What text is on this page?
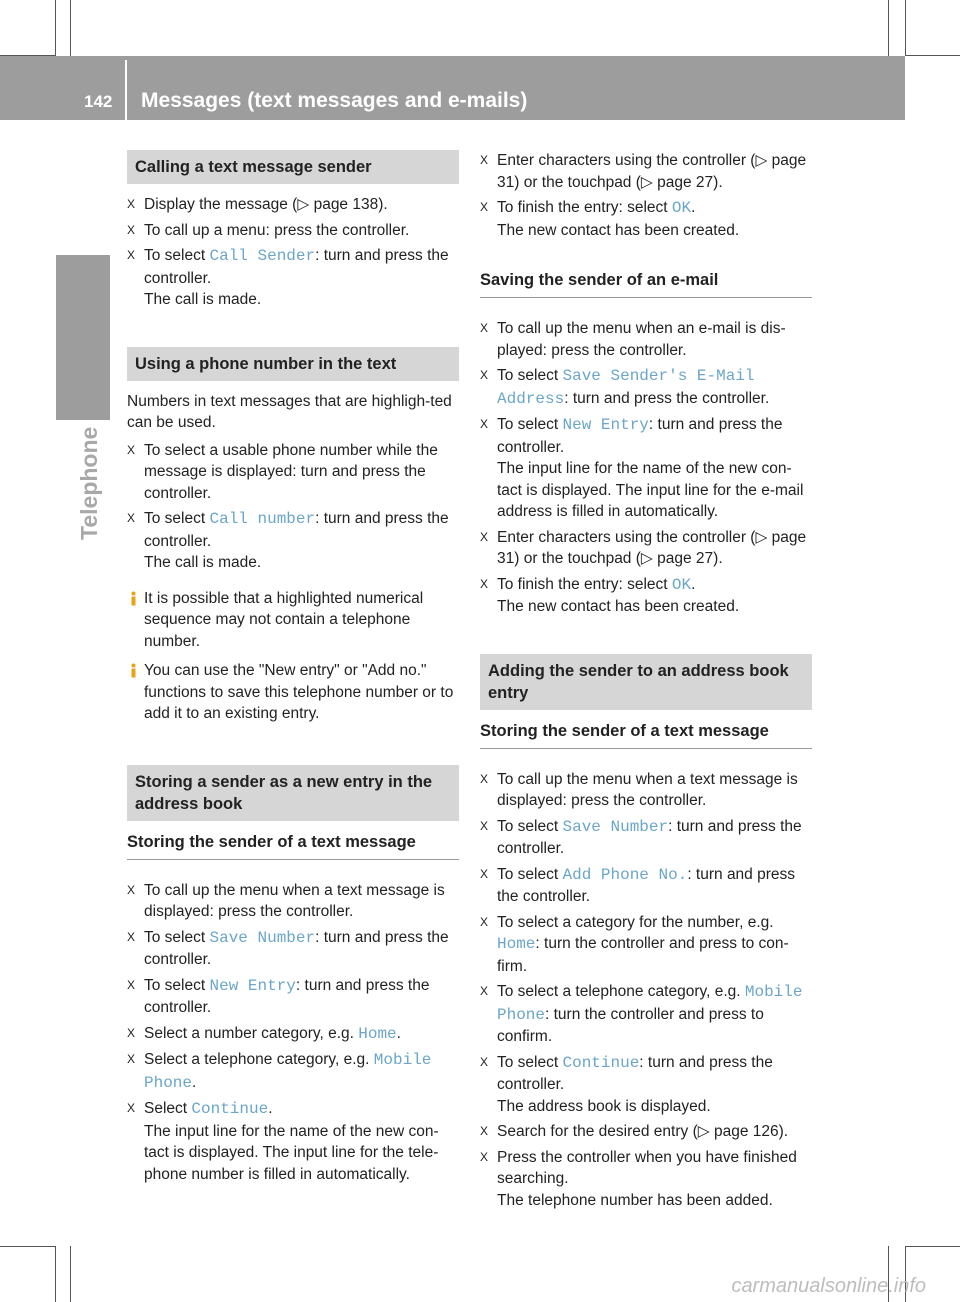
142	Messages (text messages and e-mails)
Telephone
Calling a text message sender
X Display the message (▷ page 138).
X To call up a menu: press the controller.
X To select Call Sender: turn and press the controller.
The call is made.
Using a phone number in the text
Numbers in text messages that are highligh-ted can be used.
X To select a usable phone number while the message is displayed: turn and press the controller.
X To select Call number: turn and press the controller.
The call is made.
It is possible that a highlighted numerical sequence may not contain a telephone number.
You can use the "New entry" or "Add no." functions to save this telephone number or to add it to an existing entry.
Storing a sender as a new entry in the address book
Storing the sender of a text message
X To call up the menu when a text message is displayed: press the controller.
X To select Save Number: turn and press the controller.
X To select New Entry: turn and press the controller.
X Select a number category, e.g. Home.
X Select a telephone category, e.g. Mobile Phone.
X Select Continue.
The input line for the name of the new con-tact is displayed. The input line for the tele-phone number is filled in automatically.
X Enter characters using the controller (▷ page 31) or the touchpad (▷ page 27).
X To finish the entry: select OK.
The new contact has been created.
Saving the sender of an e-mail
X To call up the menu when an e-mail is dis-played: press the controller.
X To select Save Sender's E-Mail Address: turn and press the controller.
X To select New Entry: turn and press the controller.
The input line for the name of the new con-tact is displayed. The input line for the e-mail address is filled in automatically.
X Enter characters using the controller (▷ page 31) or the touchpad (▷ page 27).
X To finish the entry: select OK.
The new contact has been created.
Adding the sender to an address book entry
Storing the sender of a text message
X To call up the menu when a text message is displayed: press the controller.
X To select Save Number: turn and press the controller.
X To select Add Phone No.: turn and press the controller.
X To select a category for the number, e.g. Home: turn the controller and press to con-firm.
X To select a telephone category, e.g. Mobile Phone: turn the controller and press to confirm.
X To select Continue: turn and press the controller.
The address book is displayed.
X Search for the desired entry (▷ page 126).
X Press the controller when you have finished searching.
The telephone number has been added.
carmanualsonline.info
